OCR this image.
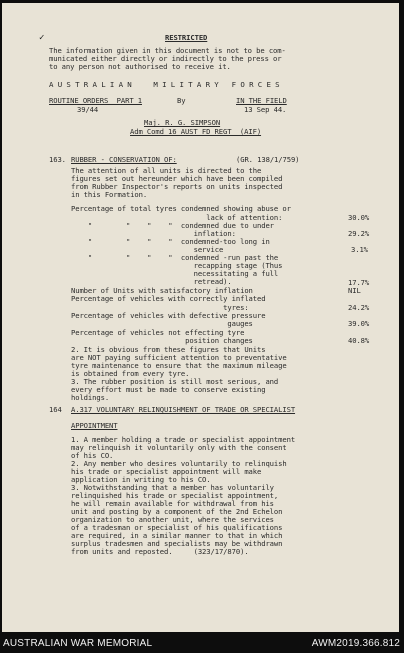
✓	RESTRICTED
The information given in this document is not to be com-
municated either directly or indirectly to the press or
to any person not authorised to receive it.
A U S T R A L I A N     M I L I T A R Y   F O R C E S
ROUTINE ORDERS  PART 1	By	IN THE FIELD
39/44	13 Sep 44.
Maj. R. G. SIMPSON
Adm Comd 16 AUST FD REGT  (AIF)
163. RUBBER - CONSERVATION OF:	(GR. 138/1/759)
The attention of all units is directed to the
figures set out hereunder which have been compiled
from Rubber Inspector's reports on units inspected
in this Formation.
Percentage of total tyres condemned showing abuse or
lack of attention:	30.0%
"        "    "    "  condemned due to under
inflation:	29.2%
"        "    "    "  condemned-too long in
service	3.1%
"        "    "    "  condemned -run past the
recapping stage (Thus
necessitating a full
retread).	17.7%
Number of Units with satisfactory inflation	NIL
Percentage of vehicles with correctly inflated
tyres:	24.2%
Percentage of vehicles with defective pressure
gauges	39.0%
Percentage of vehicles not effecting tyre
position changes	40.8%
2. It is obvious from these figures that Units
are NOT paying sufficient attention to preventative
tyre maintenance to ensure that the maximum mileage
is obtained from every tyre.
3. The rubber position is still most serious, and
every effort must be made to conserve existing
holdings.
164 A.317 VOLUNTARY RELINQUISHMENT OF TRADE OR SPECIALIST
APPOINTMENT
1. A member holding a trade or specialist appointment
may relinquish it voluntarily only with the consent
of his CO.
2. Any member who desires voluntarily to relinquish
his trade or specialist appointment will make
application in writing to his CO.
3. Notwithstanding that a member has voluntarily
relinquished his trade or specialist appointment,
he will remain available for withdrawal from his
unit and posting by a component of the 2nd Echelon
organization to another unit, where the services
of a tradesman or specialist of his qualifications
are required, in a similar manner to that in which
surplus tradesmen and specialists may be withdrawn
from units and reposted.     (323/17/870).
AUSTRALIAN WAR MEMORIAL	AWM2019.366.812
